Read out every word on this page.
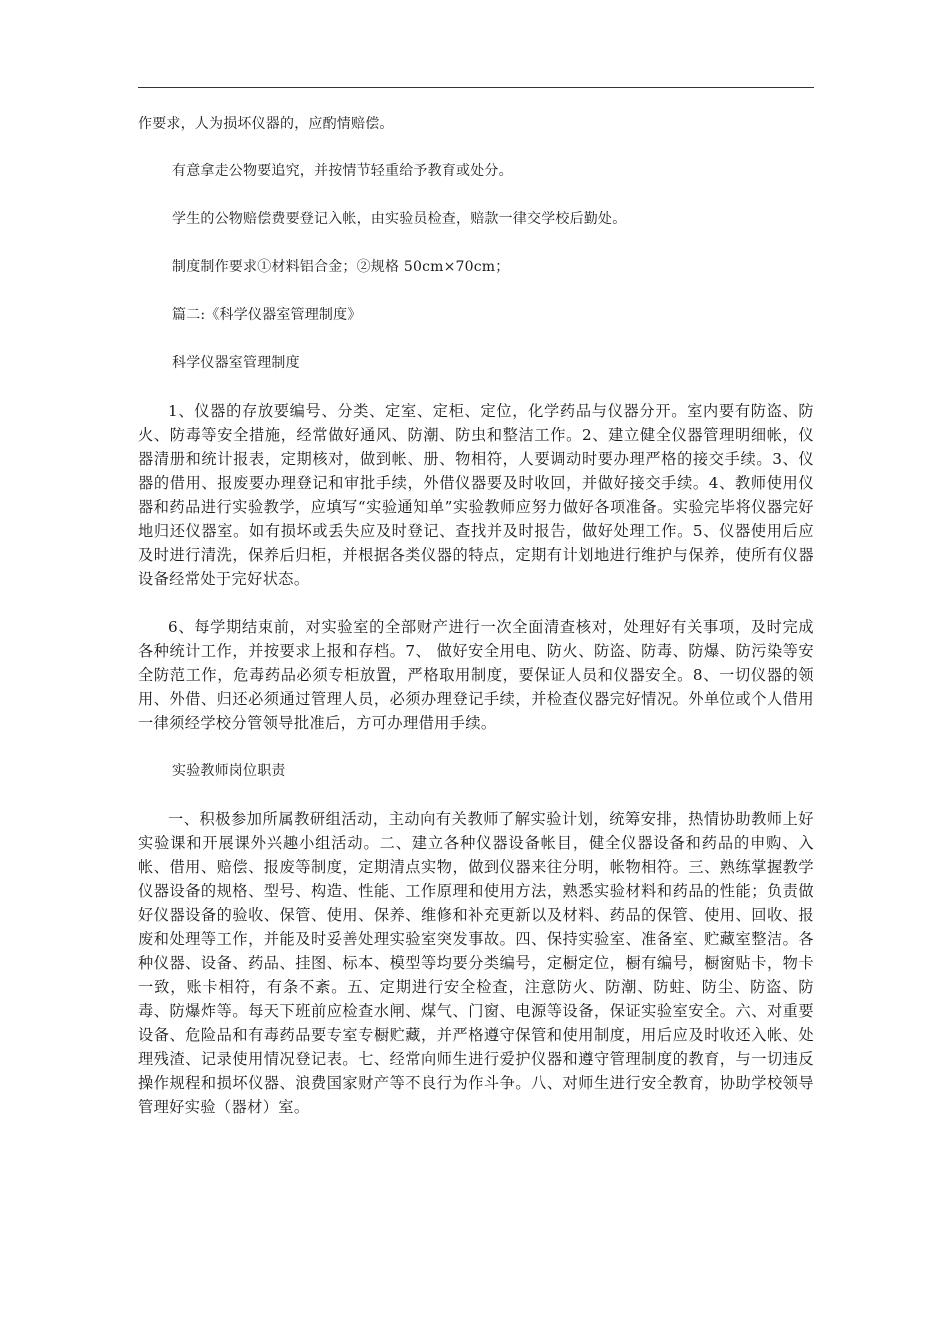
作要求，人为损坏仪器的，应酌情赔偿。

有意拿走公物要追究，并按情节轻重给予教育或处分。

学生的公物赔偿费要登记入帐，由实验员检查，赔款一律交学校后勤处。

制度制作要求①材料铝合金；②规格 50cm×70cm；

篇二:《科学仪器室管理制度》

科学仪器室管理制度

1、仪器的存放要编号、分类、定室、定柜、定位，化学药品与仪器分开。室内要有防盗、防火、防毒等安全措施，经常做好通风、防潮、防虫和整洁工作。2、建立健全仪器管理明细帐，仪器清册和统计报表，定期核对，做到帐、册、物相符，人要调动时要办理严格的接交手续。3、仪器的借用、报废要办理登记和审批手续，外借仪器要及时收回，并做好接交手续。4、教师使用仪器和药品进行实验教学，应填写“实验通知单”实验教师应努力做好各项准备。实验完毕将仪器完好地归还仪器室。如有损坏或丢失应及时登记、查找并及时报告，做好处理工作。5、仪器使用后应及时进行清洗，保养后归柜，并根据各类仪器的特点，定期有计划地进行维护与保养，使所有仪器设备经常处于完好状态。

6、每学期结束前，对实验室的全部财产进行一次全面清查核对，处理好有关事项，及时完成各种统计工作，并按要求上报和存档。7、 做好安全用电、防火、防盗、防毒、防爆、防污染等安全防范工作，危毒药品必须专柜放置，严格取用制度，要保证人员和仪器安全。8、一切仪器的领用、外借、归还必须通过管理人员，必须办理登记手续，并检查仪器完好情况。外单位或个人借用一律须经学校分管领导批准后，方可办理借用手续。

实验教师岗位职责

一、积极参加所属教研组活动，主动向有关教师了解实验计划，统筹安排，热情协助教师上好实验课和开展课外兴趣小组活动。二、建立各种仪器设备帐目，健全仪器设备和药品的申购、入帐、借用、赔偿、报废等制度，定期清点实物，做到仪器来往分明，帐物相符。三、熟练掌握教学仪器设备的规格、型号、构造、性能、工作原理和使用方法，熟悉实验材料和药品的性能；负责做好仪器设备的验收、保管、使用、保养、维修和补充更新以及材料、药品的保管、使用、回收、报废和处理等工作，并能及时妥善处理实验室突发事故。四、保持实验室、准备室、贮藏室整洁。各种仪器、设备、药品、挂图、标本、模型等均要分类编号，定橱定位，橱有编号，橱窗贴卡，物卡一致，账卡相符，有条不紊。五、定期进行安全检查，注意防火、防潮、防蛀、防尘、防盗、防毒、防爆炸等。每天下班前应检查水闸、煤气、门窗、电源等设备，保证实验室安全。六、对重要设备、危险品和有毒药品要专室专橱贮藏，并严格遵守保管和使用制度，用后应及时收还入帐、处理残渣、记录使用情况登记表。七、经常向师生进行爱护仪器和遵守管理制度的教育，与一切违反操作规程和损坏仪器、浪费国家财产等不良行为作斗争。八、对师生进行安全教育，协助学校领导管理好实验（器材）室。
